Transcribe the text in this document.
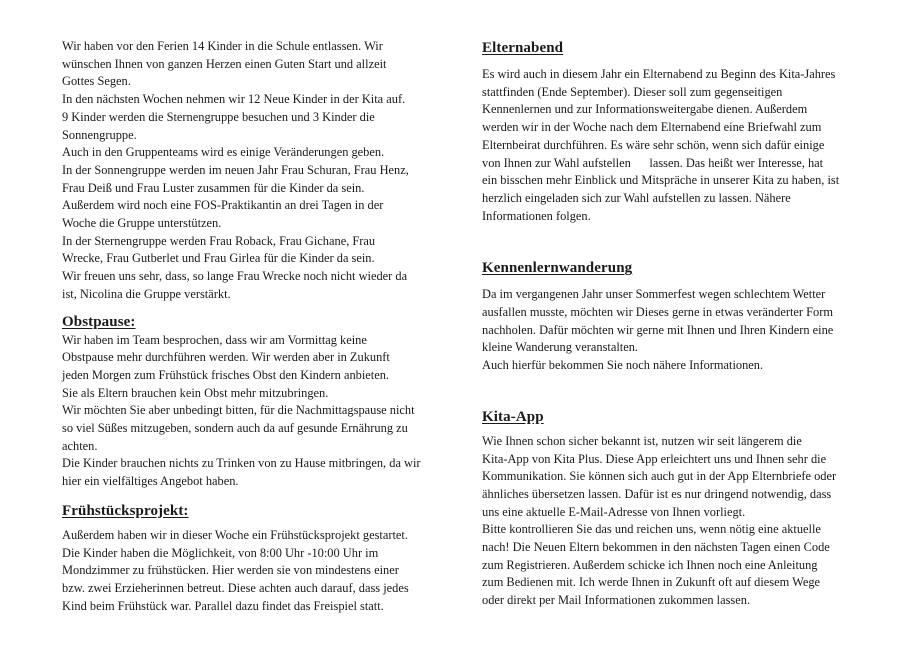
Wir haben vor den Ferien 14 Kinder in die Schule entlassen. Wir
wünschen Ihnen von ganzen Herzen einen Guten Start und allzeit
Gottes Segen.
In den nächsten Wochen nehmen wir 12 Neue Kinder in der Kita auf.
9 Kinder werden die Sternengruppe besuchen und 3 Kinder die
Sonnengruppe.
Auch in den Gruppenteams wird es einige Veränderungen geben.
In der Sonnengruppe werden im neuen Jahr Frau Schuran, Frau Henz,
Frau Deiß und Frau Luster zusammen für die Kinder da sein.
Außerdem wird noch eine FOS-Praktikantin an drei Tagen in der
Woche die Gruppe unterstützen.
In der Sternengruppe werden Frau Roback, Frau Gichane, Frau
Wrecke, Frau Gutberlet und Frau Girlea für die Kinder da sein.
Wir freuen uns sehr, dass, so lange Frau Wrecke noch nicht wieder da
ist, Nicolina die Gruppe verstärkt.
Obstpause:
Wir haben im Team besprochen, dass wir am Vormittag keine
Obstpause mehr durchführen werden. Wir werden aber in Zukunft
jeden Morgen zum Frühstück frisches Obst den Kindern anbieten.
Sie als Eltern brauchen kein Obst mehr mitzubringen.
Wir möchten Sie aber unbedingt bitten, für die Nachmittagspause nicht
so viel Süßes mitzugeben, sondern auch da auf gesunde Ernährung zu
achten.
Die Kinder brauchen nichts zu Trinken von zu Hause mitbringen, da wir
hier ein vielfältiges Angebot haben.
Frühstücksprojekt:
Außerdem haben wir in dieser Woche ein Frühstücksprojekt gestartet.
Die Kinder haben die Möglichkeit, von 8:00 Uhr -10:00 Uhr im
Mondzimmer zu frühstücken. Hier werden sie von mindestens einer
bzw. zwei Erzieherinnen betreut. Diese achten auch darauf, dass jedes
Kind beim Frühstück war. Parallel dazu findet das Freispiel statt.
Elternabend
Es wird auch in diesem Jahr ein Elternabend zu Beginn des Kita-Jahres
stattfinden (Ende September). Dieser soll zum gegenseitigen
Kennenlernen und zur Informationsweitergabe dienen. Außerdem
werden wir in der Woche nach dem Elternabend eine Briefwahl zum
Elternbeirat durchführen. Es wäre sehr schön, wenn sich dafür einige
von Ihnen zur Wahl aufstellen      lassen. Das heißt wer Interesse, hat
ein bisschen mehr Einblick und Mitspräche in unserer Kita zu haben, ist
herzlich eingeladen sich zur Wahl aufstellen zu lassen. Nähere
Informationen folgen.
Kennenlernwanderung
Da im vergangenen Jahr unser Sommerfest wegen schlechtem Wetter
ausfallen musste, möchten wir Dieses gerne in etwas veränderter Form
nachholen. Dafür möchten wir gerne mit Ihnen und Ihren Kindern eine
kleine Wanderung veranstalten.
Auch hierfür bekommen Sie noch nähere Informationen.
Kita-App
Wie Ihnen schon sicher bekannt ist, nutzen wir seit längerem die
Kita-App von Kita Plus. Diese App erleichtert uns und Ihnen sehr die
Kommunikation. Sie können sich auch gut in der App Elternbriefe oder
ähnliches übersetzen lassen. Dafür ist es nur dringend notwendig, dass
uns eine aktuelle E-Mail-Adresse von Ihnen vorliegt.
Bitte kontrollieren Sie das und reichen uns, wenn nötig eine aktuelle
nach! Die Neuen Eltern bekommen in den nächsten Tagen einen Code
zum Registrieren. Außerdem schicke ich Ihnen noch eine Anleitung
zum Bedienen mit. Ich werde Ihnen in Zukunft oft auf diesem Wege
oder direkt per Mail Informationen zukommen lassen.
